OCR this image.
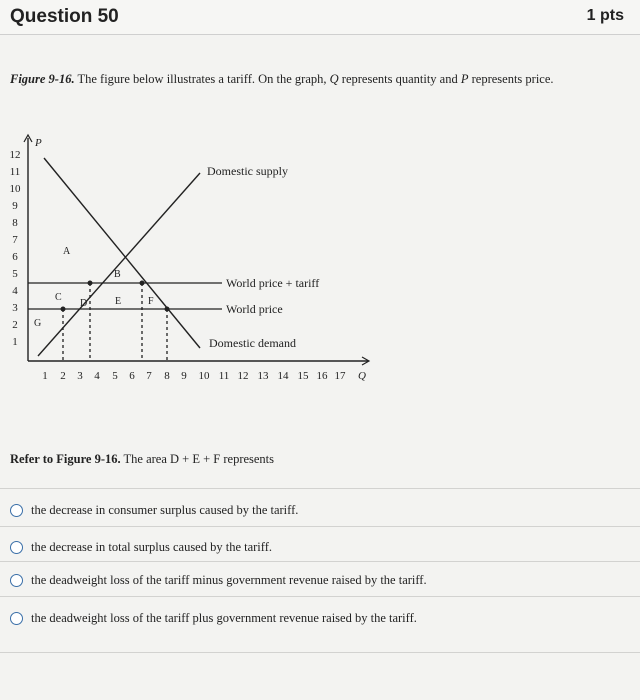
Question 50	1 pts
Figure 9-16. The figure below illustrates a tariff. On the graph, Q represents quantity and P represents price.
P
Q
12
11
10
9
8
7
6
5
4
3
2
1
1 2 3 4 5 6 7 8 9 10 11 12 13 14 15 16 17
A
B
C
D	E	F
G
Domestic supply
World price + tariff
World price
Domestic demand
Refer to Figure 9-16. The area D + E + F represents
the decrease in consumer surplus caused by the tariff.
the decrease in total surplus caused by the tariff.
the deadweight loss of the tariff minus government revenue raised by the tariff.
the deadweight loss of the tariff plus government revenue raised by the tariff.
